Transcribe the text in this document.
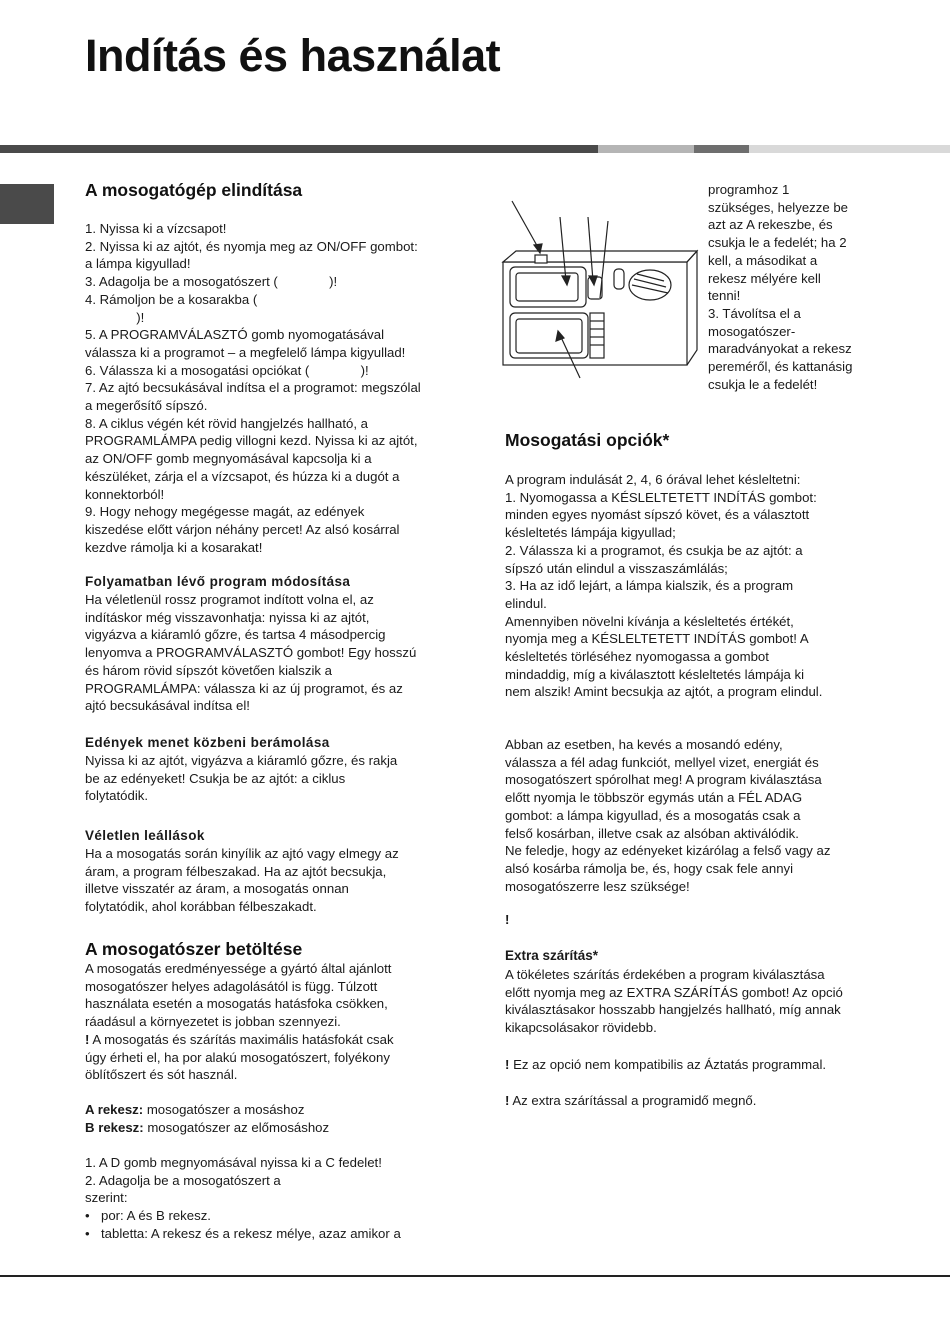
Indítás és használat
A mosogatógép elindítása

1. Nyissa ki a vízcsapot!

2. Nyissa ki az ajtót, és nyomja meg az ON/OFF gombot:

a lámpa kigyullad!

3. Adagolja be a mosogatószert (              )!

4. Rámoljon be a kosarakba (

)!

5. A PROGRAMVÁLASZTÓ gomb nyomogatásával

válassza ki a programot – a megfelelő lámpa kigyullad!

6. Válassza ki a mosogatási opciókat (              )!

7. Az ajtó becsukásával indítsa el a programot: megszólal

a megerősítő sípszó.

8. A ciklus végén két rövid hangjelzés hallható, a

PROGRAMLÁMPA pedig villogni kezd. Nyissa ki az ajtót,

az ON/OFF gomb megnyomásával kapcsolja ki a

készüléket, zárja el a vízcsapot, és húzza ki a dugót a

konnektorból!

9. Hogy nehogy megégesse magát, az edények

kiszedése előtt várjon néhány percet! Az alsó kosárral

kezdve rámolja ki a kosarakat!

Folyamatban lévő program módosítása

Ha véletlenül rossz programot indított volna el, az

indításkor még visszavonhatja: nyissa ki az ajtót,

vigyázva a kiáramló gőzre, és tartsa 4 másodpercig

lenyomva a PROGRAMVÁLASZTÓ gombot! Egy hosszú

és három rövid sípszót követően kialszik a

PROGRAMLÁMPA: válassza ki az új programot, és az

ajtó becsukásával indítsa el!

Edények menet közbeni berámolása

Nyissa ki az ajtót, vigyázva a kiáramló gőzre, és rakja

be az edényeket! Csukja be az ajtót: a ciklus

folytatódik.

Véletlen leállások

Ha a mosogatás során kinyílik az ajtó vagy elmegy az

áram, a program félbeszakad. Ha az ajtót becsukja,

illetve visszatér az áram, a mosogatás onnan

folytatódik, ahol korábban félbeszakadt.

A mosogatószer betöltése

A mosogatás eredményessége a gyártó által ajánlott

mosogatószer helyes adagolásától is függ. Túlzott

használata esetén a mosogatás hatásfoka csökken,

ráadásul a környezetet is jobban szennyezi.

! A mosogatás és szárítás maximális hatásfokát csak

úgy érheti el, ha por alakú mosogatószert, folyékony

öblítőszert és sót használ.

A rekesz: mosogatószer a mosáshoz

B rekesz: mosogatószer az előmosáshoz

1. A D gomb megnyomásával nyissa ki a C fedelet!

2. Adagolja be a mosogatószert a

szerint:

• por: A és B rekesz.
• tabletta: A rekesz és a rekesz mélye, azaz amikor a

programhoz 1

szükséges, helyezze be

azt az A rekeszbe, és

csukja le a fedelét; ha 2

kell, a másodikat a

rekesz mélyére kell

tenni!

3. Távolítsa el a

mosogatószer-

maradványokat a rekesz

pereméről, és kattanásig

csukja le a fedelét!

Mosogatási opciók*

A program indulását 2, 4, 6 órával lehet késleltetni:

1. Nyomogassa a KÉSLELTETETT INDÍTÁS gombot:

minden egyes nyomást sípszó követ, és a választott

késleltetés lámpája kigyullad;

2. Válassza ki a programot, és csukja be az ajtót: a

sípszó után elindul a visszaszámlálás;

3. Ha az idő lejárt, a lámpa kialszik, és a program

elindul.

Amennyiben növelni kívánja a késleltetés értékét,

nyomja meg a KÉSLELTETETT INDÍTÁS gombot! A

késleltetés törléséhez nyomogassa a gombot

mindaddig, míg a kiválasztott késleltetés lámpája ki

nem alszik! Amint becsukja az ajtót, a program elindul.

Abban az esetben, ha kevés a mosandó edény,

válassza a fél adag funkciót, mellyel vizet, energiát és

mosogatószert spórolhat meg! A program kiválasztása

előtt nyomja le többször egymás után a FÉL ADAG

gombot: a lámpa kigyullad, és a mosogatás csak a

felső kosárban, illetve csak az alsóban aktiválódik.

Ne feledje, hogy az edényeket kizárólag a felső vagy az

alsó kosárba rámolja be, és, hogy csak fele annyi

mosogatószerre lesz szüksége!

!
Extra szárítás*

A tökéletes szárítás érdekében a program kiválasztása

előtt nyomja meg az EXTRA SZÁRÍTÁS gombot! Az opció

kiválasztásakor hosszabb hangjelzés hallható, míg annak

kikapcsolásakor rövidebb.

! Ez az opció nem kompatibilis az Áztatás programmal.

! Az extra szárítással a programidő megnő.
